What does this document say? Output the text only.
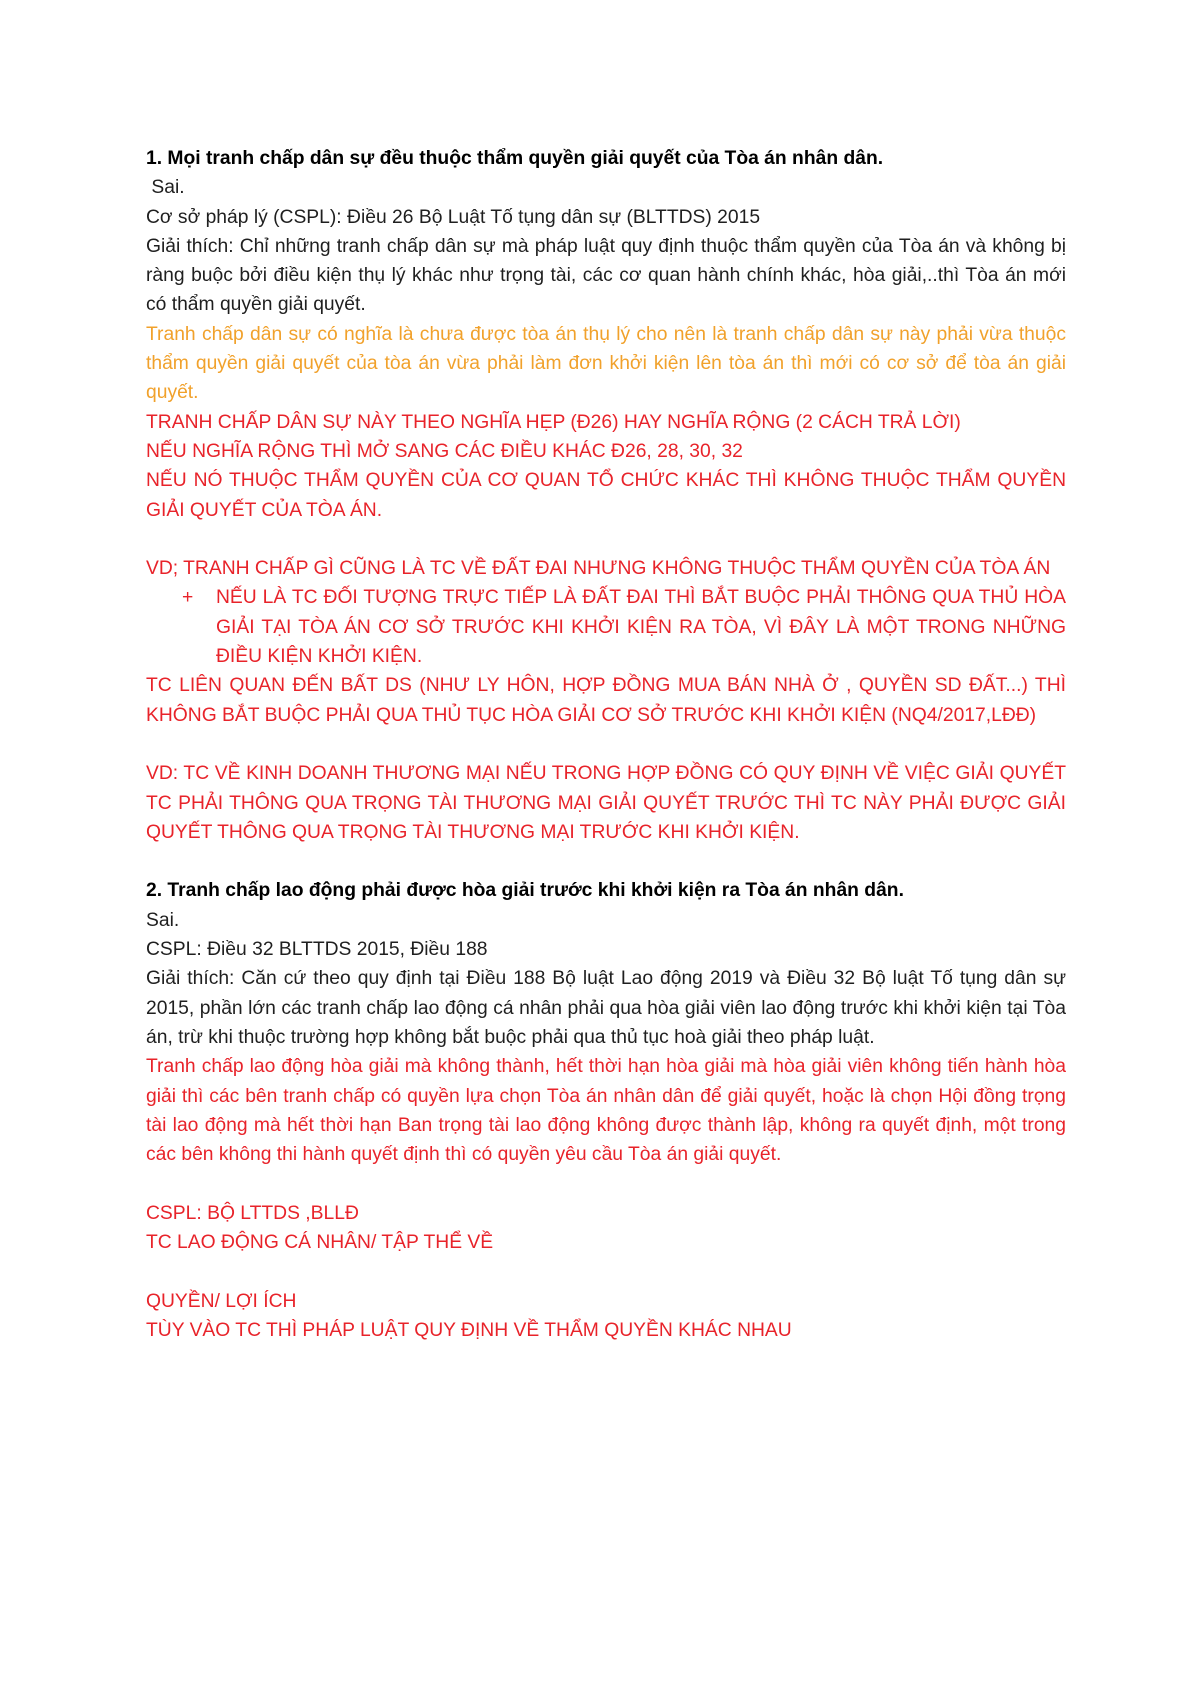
1. Mọi tranh chấp dân sự đều thuộc thẩm quyền giải quyết của Tòa án nhân dân.
Sai.
Cơ sở pháp lý (CSPL): Điều 26 Bộ Luật Tố tụng dân sự (BLTTDS) 2015
Giải thích: Chỉ những tranh chấp dân sự mà pháp luật quy định thuộc thẩm quyền của Tòa án và không bị ràng buộc bởi điều kiện thụ lý khác như trọng tài, các cơ quan hành chính khác, hòa giải,..thì Tòa án mới có thẩm quyền giải quyết.
Tranh chấp dân sự có nghĩa là chưa được tòa án thụ lý cho nên là tranh chấp dân sự này phải vừa thuộc thẩm quyền giải quyết của tòa án vừa phải làm đơn khởi kiện lên tòa án thì mới có cơ sở để tòa án giải quyết.
TRANH CHẤP DÂN SỰ NÀY THEO NGHĨA HẸP (Đ26) HAY NGHĨA RỘNG (2 CÁCH TRẢ LỜI)
NẾU NGHĨA RỘNG THÌ MỞ SANG CÁC ĐIỀU KHÁC Đ26, 28, 30, 32
NẾU NÓ THUỘC THẨM QUYỀN CỦA CƠ QUAN TỔ CHỨC KHÁC THÌ KHÔNG THUỘC THẨM QUYỀN GIẢI QUYẾT CỦA TÒA ÁN.
VD; TRANH CHẤP GÌ CŨNG LÀ TC VỀ ĐẤT ĐAI NHƯNG KHÔNG THUỘC THẨM QUYỀN CỦA TÒA ÁN
+	NẾU LÀ TC ĐỐI TƯỢNG TRỰC TIẾP LÀ ĐẤT ĐAI THÌ BẮT BUỘC PHẢI THÔNG QUA THỦ HÒA GIẢI TẠI TÒA ÁN CƠ SỞ TRƯỚC KHI KHỞI KIỆN RA TÒA, VÌ ĐÂY LÀ MỘT TRONG NHỮNG ĐIỀU KIỆN KHỞI KIỆN.
TC LIÊN QUAN ĐẾN BẤT DS (NHƯ LY HÔN, HỢP ĐỒNG MUA BÁN NHÀ Ở , QUYỀN SD ĐẤT...) THÌ KHÔNG BẮT BUỘC PHẢI QUA THỦ TỤC HÒA GIẢI CƠ SỞ TRƯỚC KHI KHỞI KIỆN (NQ4/2017,LĐĐ)
VD: TC VỀ KINH DOANH THƯƠNG MẠI NẾU TRONG HỢP ĐỒNG CÓ QUY ĐỊNH VỀ VIỆC GIẢI QUYẾT TC PHẢI THÔNG QUA TRỌNG TÀI THƯƠNG MẠI GIẢI QUYẾT TRƯỚC THÌ TC NÀY PHẢI ĐƯỢC GIẢI QUYẾT THÔNG QUA TRỌNG TÀI THƯƠNG MẠI TRƯỚC KHI KHỞI KIỆN.
2. Tranh chấp lao động phải được hòa giải trước khi khởi kiện ra Tòa án nhân dân.
Sai.
CSPL: Điều 32 BLTTDS 2015, Điều 188
Giải thích: Căn cứ theo quy định tại Điều 188 Bộ luật Lao động 2019 và Điều 32 Bộ luật Tố tụng dân sự 2015, phần lớn các tranh chấp lao động cá nhân phải qua hòa giải viên lao động trước khi khởi kiện tại Tòa án, trừ khi thuộc trường hợp không bắt buộc phải qua thủ tục hoà giải theo pháp luật.
Tranh chấp lao động hòa giải mà không thành, hết thời hạn hòa giải mà hòa giải viên không tiến hành hòa giải thì các bên tranh chấp có quyền lựa chọn Tòa án nhân dân để giải quyết, hoặc là chọn Hội đồng trọng tài lao động mà hết thời hạn Ban trọng tài lao động không được thành lập, không ra quyết định, một trong các bên không thi hành quyết định thì có quyền yêu cầu Tòa án giải quyết.
CSPL: BỘ LTTDS ,BLLĐ
TC LAO ĐỘNG CÁ NHÂN/ TẬP THỂ VỀ
QUYỀN/ LỢI ÍCH
TÙY VÀO TC THÌ PHÁP LUẬT QUY ĐỊNH VỀ THẨM QUYỀN KHÁC NHAU
